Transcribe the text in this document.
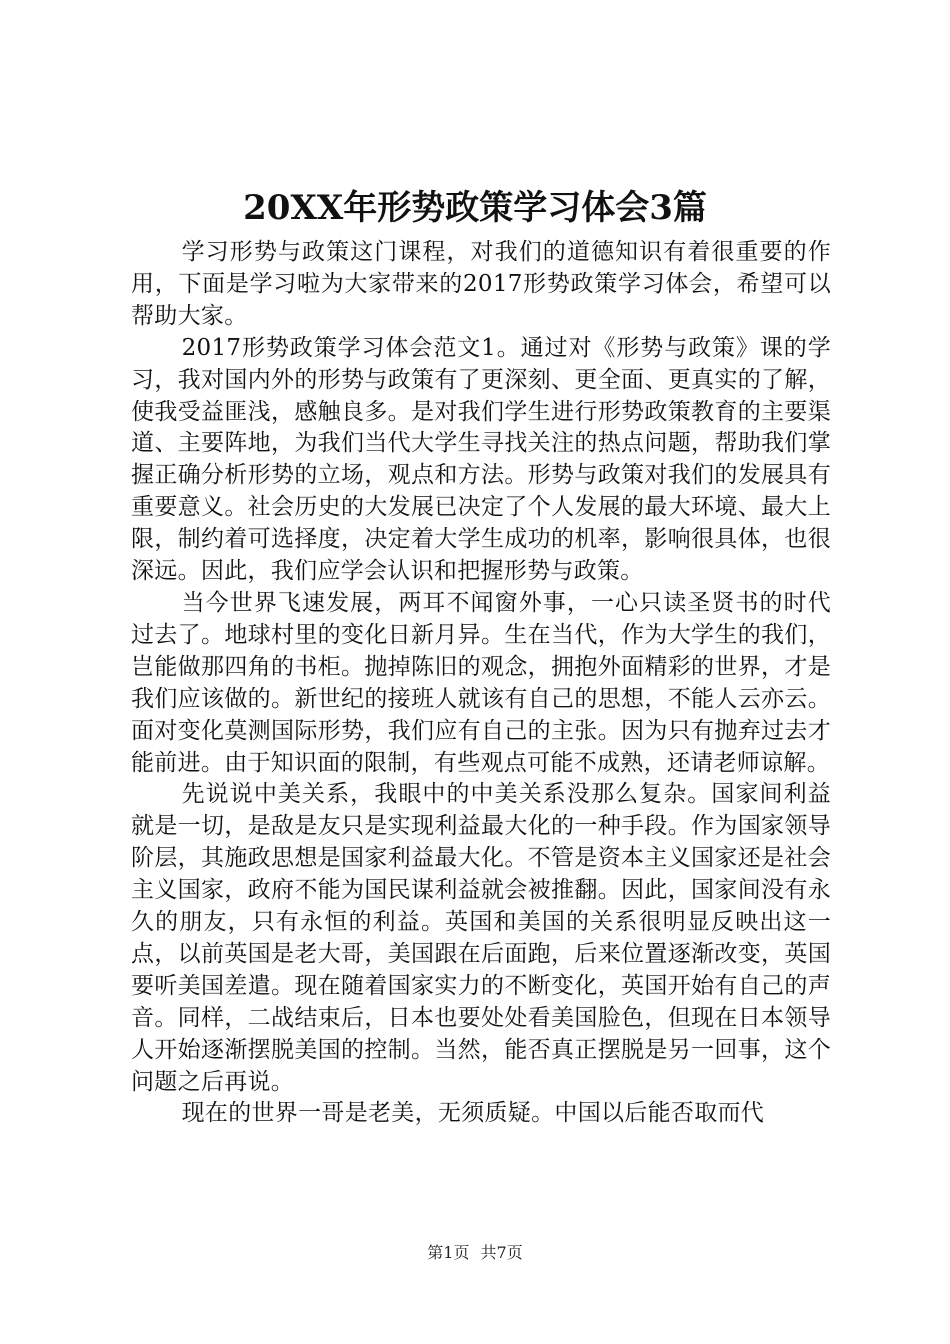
20XX年形势政策学习体会3篇

学习形势与政策这门课程，对我们的道德知识有着很重要的作用，下面是学习啦为大家带来的2017形势政策学习体会，希望可以帮助大家。

2017形势政策学习体会范文1。通过对《形势与政策》课的学习，我对国内外的形势与政策有了更深刻、更全面、更真实的了解，使我受益匪浅，感触良多。是对我们学生进行形势政策教育的主要渠道、主要阵地，为我们当代大学生寻找关注的热点问题，帮助我们掌握正确分析形势的立场，观点和方法。形势与政策对我们的发展具有重要意义。社会历史的大发展已决定了个人发展的最大环境、最大上限，制约着可选择度，决定着大学生成功的机率，影响很具体，也很深远。因此，我们应学会认识和把握形势与政策。

当今世界飞速发展，两耳不闻窗外事，一心只读圣贤书的时代过去了。地球村里的变化日新月异。生在当代，作为大学生的我们，岂能做那四角的书柜。抛掉陈旧的观念，拥抱外面精彩的世界，才是我们应该做的。新世纪的接班人就该有自己的思想，不能人云亦云。面对变化莫测国际形势，我们应有自己的主张。因为只有抛弃过去才能前进。由于知识面的限制，有些观点可能不成熟，还请老师谅解。

先说说中美关系，我眼中的中美关系没那么复杂。国家间利益就是一切，是敌是友只是实现利益最大化的一种手段。作为国家领导阶层，其施政思想是国家利益最大化。不管是资本主义国家还是社会主义国家，政府不能为国民谋利益就会被推翻。因此，国家间没有永久的朋友，只有永恒的利益。英国和美国的关系很明显反映出这一点，以前英国是老大哥，美国跟在后面跑，后来位置逐渐改变，英国要听美国差遣。现在随着国家实力的不断变化，英国开始有自己的声音。同样，二战结束后，日本也要处处看美国脸色，但现在日本领导人开始逐渐摆脱美国的控制。当然，能否真正摆脱是另一回事，这个问题之后再说。

现在的世界一哥是老美，无须质疑。中国以后能否取而代

第1页 共7页
